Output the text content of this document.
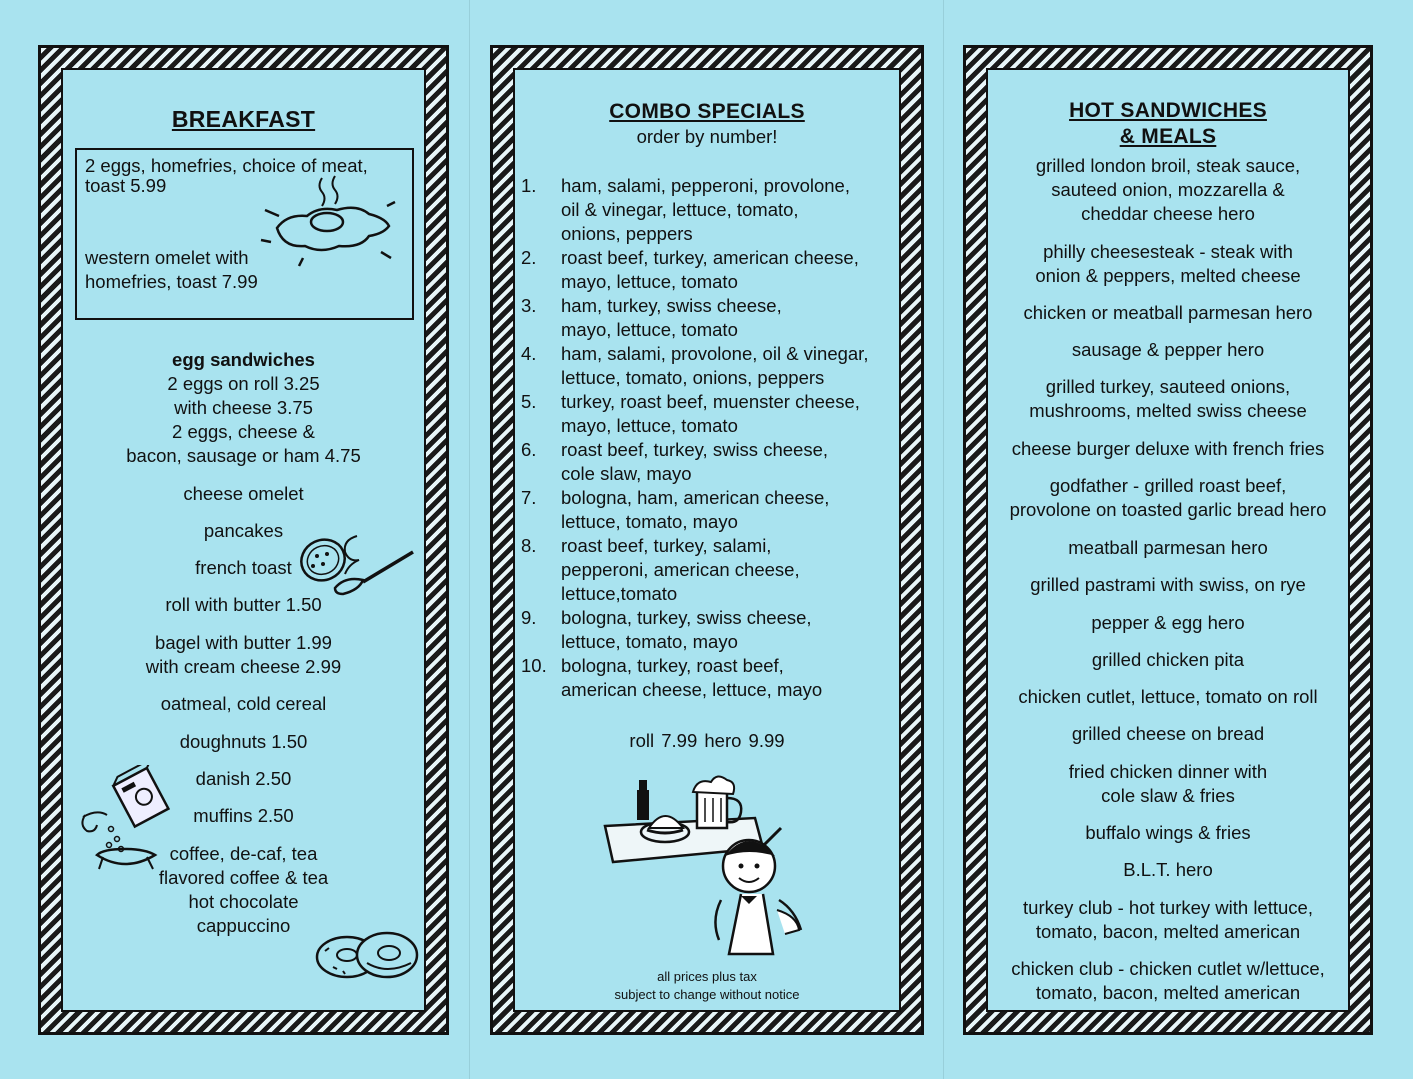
BREAKFAST
2 eggs, homefries, choice of meat,
toast 5.99
western omelet with
homefries, toast 7.99
egg sandwiches
2 eggs on roll 3.25
with cheese 3.75
2 eggs, cheese &
bacon, sausage or ham 4.75
cheese omelet
pancakes
french toast
roll with butter 1.50
bagel with butter 1.99
with cream cheese 2.99
oatmeal, cold cereal
doughnuts 1.50
danish 2.50
muffins 2.50
coffee, de-caf, tea
flavored coffee & tea
hot chocolate
cappuccino
COMBO SPECIALS
order by number!
1.	ham, salami, pepperoni, provolone,
oil & vinegar, lettuce, tomato,
onions, peppers
2.	roast beef, turkey, american cheese,
mayo, lettuce, tomato
3.	ham, turkey, swiss cheese,
mayo, lettuce, tomato
4.	ham, salami, provolone, oil & vinegar,
lettuce, tomato, onions, peppers
5.	turkey, roast beef, muenster cheese,
mayo, lettuce, tomato
6.	roast beef, turkey, swiss cheese,
cole slaw, mayo
7.	bologna, ham, american cheese,
lettuce, tomato, mayo
8.	roast beef, turkey, salami,
pepperoni, american cheese,
lettuce,tomato
9.	bologna, turkey, swiss cheese,
lettuce, tomato, mayo
10. bologna, turkey, roast beef,
american cheese, lettuce, mayo
roll 7.99 hero 9.99
all prices plus tax
subject to change without notice
HOT SANDWICHES
& MEALS
grilled london broil, steak sauce,
sauteed onion, mozzarella &
cheddar cheese hero
philly cheesesteak - steak with
onion & peppers, melted cheese
chicken or meatball parmesan hero
sausage & pepper hero
grilled turkey, sauteed onions,
mushrooms, melted swiss cheese
cheese burger deluxe with french fries
godfather - grilled roast beef,
provolone on toasted garlic bread hero
meatball parmesan hero
grilled pastrami with swiss, on rye
pepper & egg hero
grilled chicken pita
chicken cutlet, lettuce, tomato on roll
grilled cheese on bread
fried chicken dinner with
cole slaw & fries
buffalo wings & fries
B.L.T. hero
turkey club - hot turkey with lettuce,
tomato, bacon, melted american
chicken club - chicken cutlet w/lettuce,
tomato, bacon, melted american
